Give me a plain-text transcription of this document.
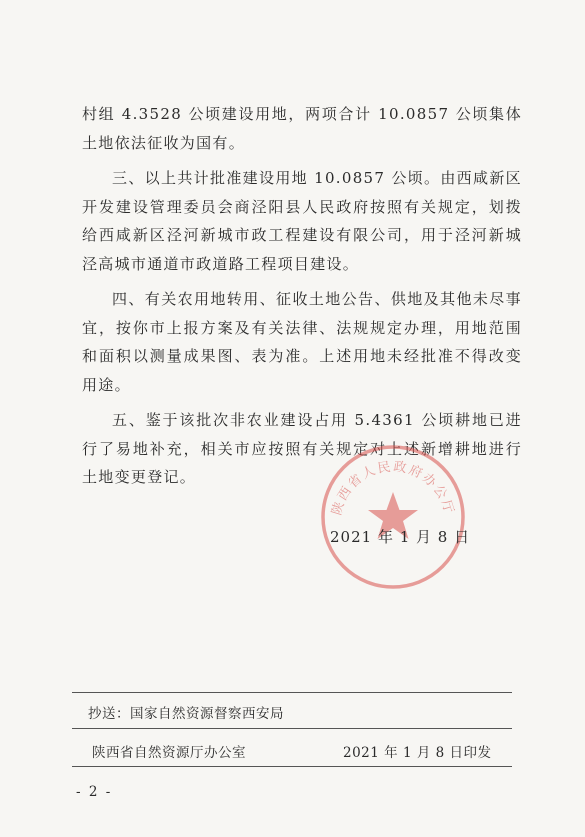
村组 4.3528 公顷建设用地，两项合计 10.0857 公顷集体土地依法征收为国有。

三、以上共计批准建设用地 10.0857 公顷。由西咸新区开发建设管理委员会商泾阳县人民政府按照有关规定，划拨给西咸新区泾河新城市政工程建设有限公司，用于泾河新城泾高城市通道市政道路工程项目建设。

四、有关农用地转用、征收土地公告、供地及其他未尽事宜，按你市上报方案及有关法律、法规规定办理，用地范围和面积以测量成果图、表为准。上述用地未经批准不得改变用途。

五、鉴于该批次非农业建设占用 5.4361 公顷耕地已进行了易地补充，相关市应按照有关规定对上述新增耕地进行土地变更登记。

陕西省人民政府办公厅
2021 年 1 月 8 日
抄送：国家自然资源督察西安局
陕西省自然资源厅办公室	2021 年 1 月 8 日印发
- 2 -
